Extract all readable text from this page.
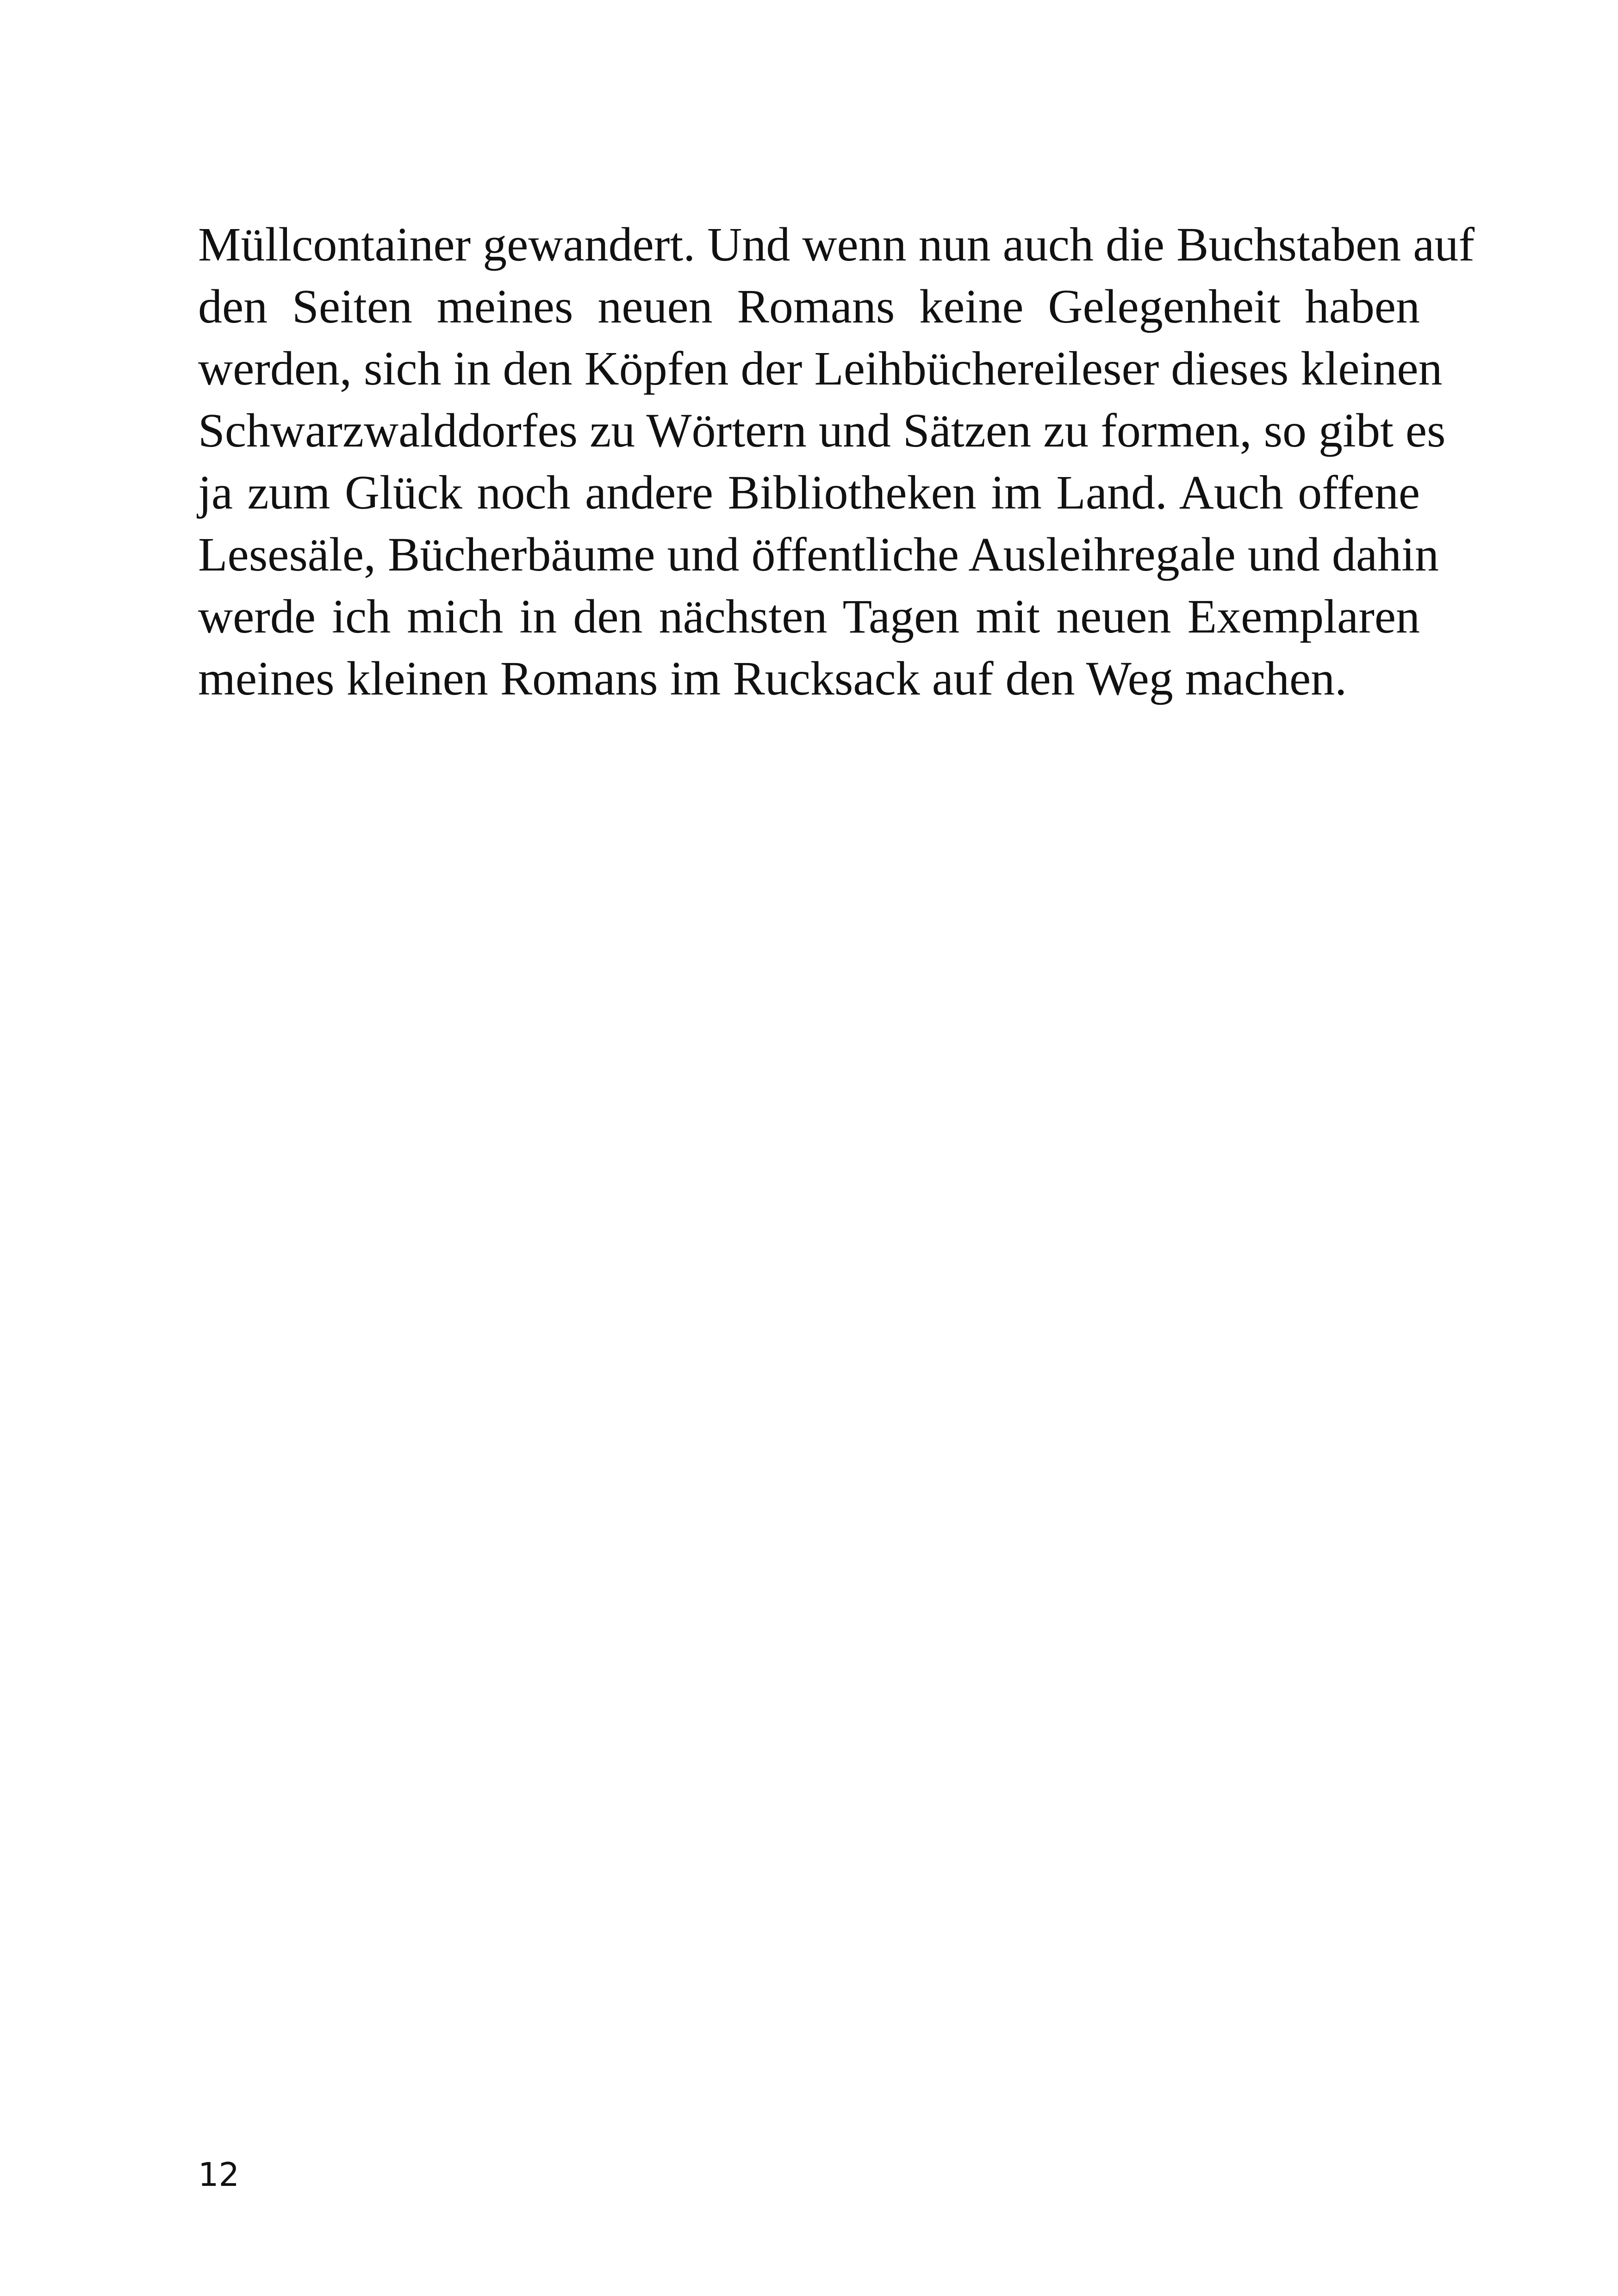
Müllcontainer gewandert. Und wenn nun auch die Buchstaben auf
den Seiten meines neuen Romans keine Gelegenheit haben
werden, sich in den Köpfen der Leihbüchereileser dieses kleinen
Schwarzwalddorfes zu Wörtern und Sätzen zu formen, so gibt es
ja zum Glück noch andere Bibliotheken im Land. Auch offene
Lesesäle, Bücherbäume und öffentliche Ausleihregale und dahin
werde ich mich in den nächsten Tagen mit neuen Exemplaren
meines kleinen Romans im Rucksack auf den Weg machen.
12
